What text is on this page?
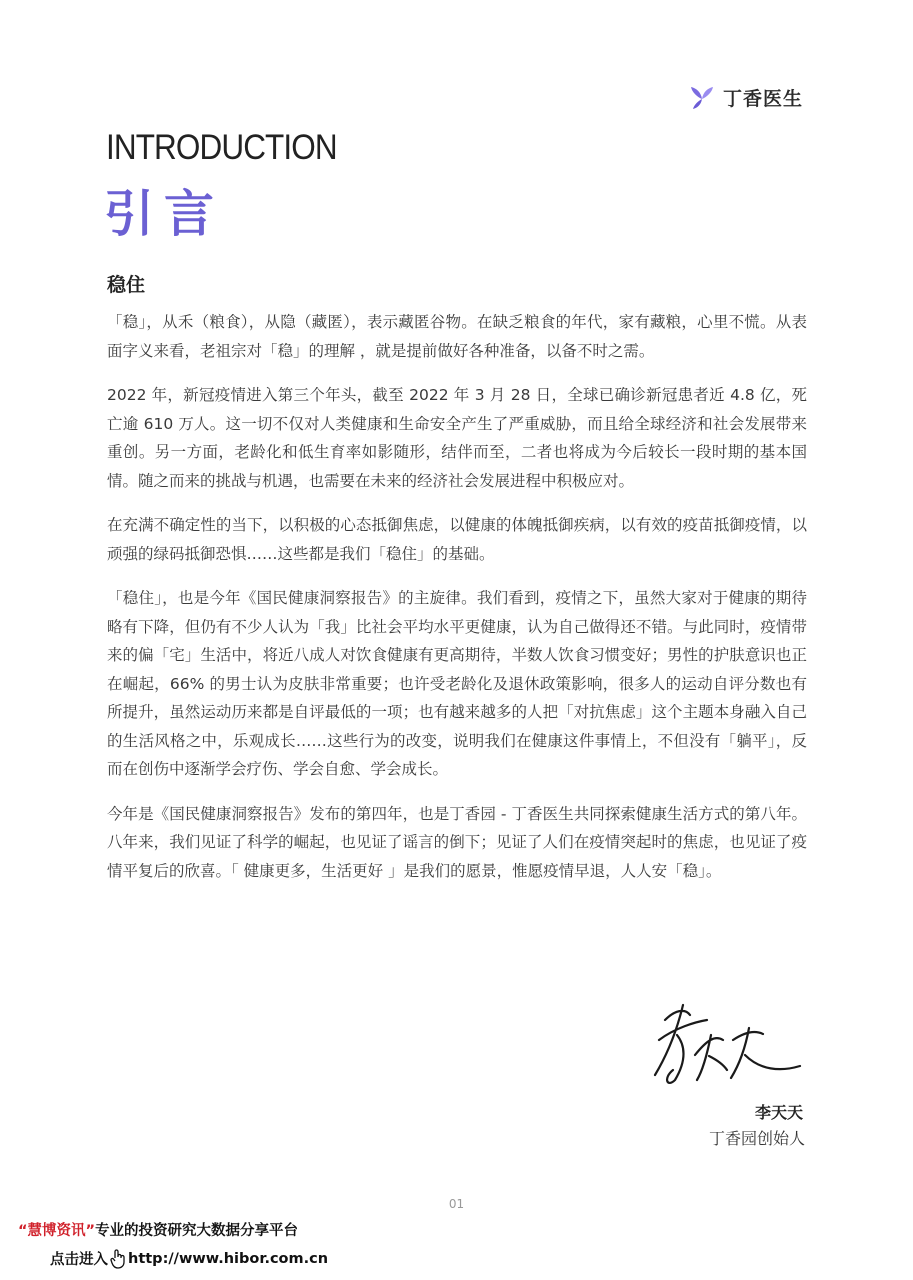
丁香医生
INTRODUCTION
引言
稳住

「稳」，从禾（粮食），从隐（藏匿），表示藏匿谷物。在缺乏粮食的年代，家有藏粮，心里不慌。从表面字义来看，老祖宗对「稳」的理解 ，就是提前做好各种准备，以备不时之需。

2022 年，新冠疫情进入第三个年头，截至 2022 年 3 月 28 日，全球已确诊新冠患者近 4.8 亿，死亡逾 610 万人。这一切不仅对人类健康和生命安全产生了严重威胁，而且给全球经济和社会发展带来重创。另一方面，老龄化和低生育率如影随形，结伴而至，二者也将成为今后较长一段时期的基本国情。随之而来的挑战与机遇，也需要在未来的经济社会发展进程中积极应对。

在充满不确定性的当下，以积极的心态抵御焦虑，以健康的体魄抵御疾病，以有效的疫苗抵御疫情，以顽强的绿码抵御恐惧……这些都是我们「稳住」的基础。

「稳住」，也是今年《国民健康洞察报告》的主旋律。我们看到，疫情之下，虽然大家对于健康的期待略有下降，但仍有不少人认为「我」比社会平均水平更健康，认为自己做得还不错。与此同时，疫情带来的偏「宅」生活中，将近八成人对饮食健康有更高期待，半数人饮食习惯变好；男性的护肤意识也正在崛起，66% 的男士认为皮肤非常重要；也许受老龄化及退休政策影响，很多人的运动自评分数也有所提升，虽然运动历来都是自评最低的一项；也有越来越多的人把「对抗焦虑」这个主题本身融入自己的生活风格之中，乐观成长……这些行为的改变，说明我们在健康这件事情上，不但没有「躺平」，反而在创伤中逐渐学会疗伤、学会自愈、学会成长。

今年是《国民健康洞察报告》发布的第四年，也是丁香园 - 丁香医生共同探索健康生活方式的第八年。八年来，我们见证了科学的崛起，也见证了谣言的倒下；见证了人们在疫情突起时的焦虑，也见证了疫情平复后的欣喜。「 健康更多，生活更好 」是我们的愿景，惟愿疫情早退，人人安「稳」。

李天天
丁香园创始人
01
“慧博资讯”专业的投资研究大数据分享平台
点击进入 http://www.hibor.com.cn
